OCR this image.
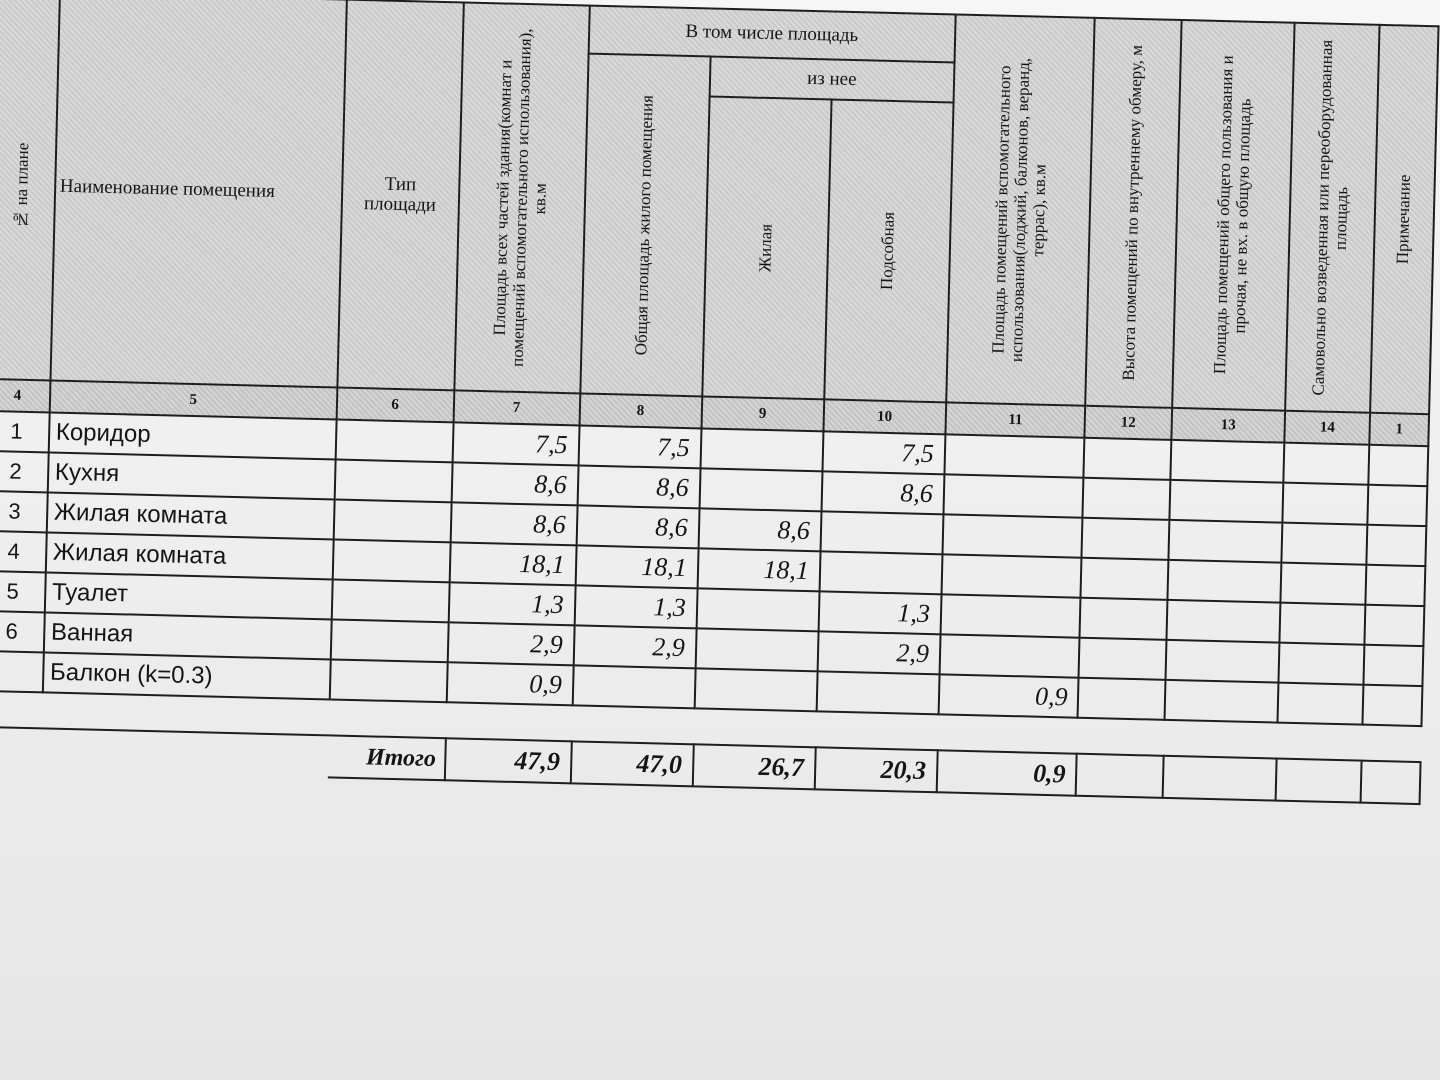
№ на плане	Наименование помещения	Тип площади	Площадь всех частей здания(комнат и помещений вспомогательного использования), кв.м	В том числе площадь			Площадь помещений вспомогательного использования(лоджий, балконов, веранд, террас), кв.м	Высота помещений по внутреннему обмеру, м	Площадь помещений общего пользования и прочая, не вх. в общую площадь	Самовольно возведенная или переоборудованная площадь	Примечание

				Общая площадь жилого помещения	из нее						

					Жилая	Подсобная					

4	5	6	7	8	9	10	11	12	13	14	1
1	Коридор		7,5	7,5		7,5					
2	Кухня		8,6	8,6		8,6					
3	Жилая комната		8,6	8,6	8,6						
4	Жилая комната		18,1	18,1	18,1						
5	Туалет		1,3	1,3		1,3					
6	Ванная		2,9	2,9		2,9					
	Балкон (k=0.3)		0,9				0,9				

		Итого	47,9	47,0	26,7	20,3	0,9				
